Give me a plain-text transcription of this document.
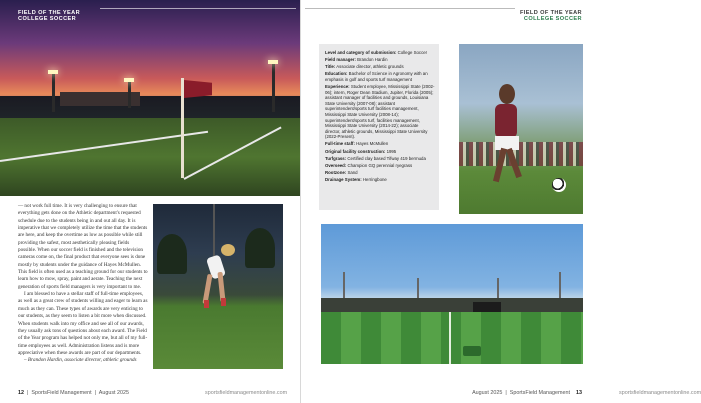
FIELD OF THE YEAR
COLLEGE SOCCER

— not work full time. It is very challenging to ensure that everything gets done on the Athletic department's requested schedule due to the students being in and out all day. It is imperative that we completely utilize the time that the students are here, and keep the overtime as low as possible while still providing the safest, most aesthetically pleasing fields possible. When our soccer field is finished and the television cameras come on, the final product that everyone sees is done mostly by students under the guidance of Hayes McMullen. This field is often used as a teaching ground for our students to learn how to mow, spray, paint and aerate. Teaching the next generation of sports field managers is very important to me.

I am blessed to have a stellar staff of full-time employees, as well as a great crew of students willing and eager to learn as much as they can. These types of awards are very enticing to our students, as they seem to listen a bit more when discussed. When students walk into my office and see all of our awards, they usually ask tons of questions about each award. The Field of the Year program has helped not only me, but all of my full-time employees as well. Administration listens and is more appreciative when these awards are part of our departments.

– Brandon Hardin, associate director, athletic grounds

12  |  SportsField Management  |  August 2025	sportsfieldmanagementonline.com
FIELD OF THE YEAR
COLLEGE SOCCER
Level and category of submission: College Soccer
Field manager: Brandon Hardin
Title: Associate director, athletic grounds
Education: Bachelor of Science in Agronomy with an emphasis in golf and sports turf management
Experience: Student employee, Mississippi State (2002-06); intern, Roger Dean Stadium, Jupiter, Florida (2005); assistant manager of facilities and grounds, Louisiana State University (2007-08); assistant superintendent/sports turf facilities management, Mississippi State University (2008-14); superintendent/sports turf, facilities management, Mississippi State University (2014-22); associate director, athletic grounds, Mississippi State University (2022-Present).
Full-time staff: Hayes McMullen
Original facility construction: 1995
Turfgrass: Certified clay based Tifway 419 bermuda
Overseed: Champion GQ perennial ryegrass
Rootzone: Sand
Drainage System: Herringbone
sportsfieldmanagementonline.com
August 2025  |  SportsField Management 13
